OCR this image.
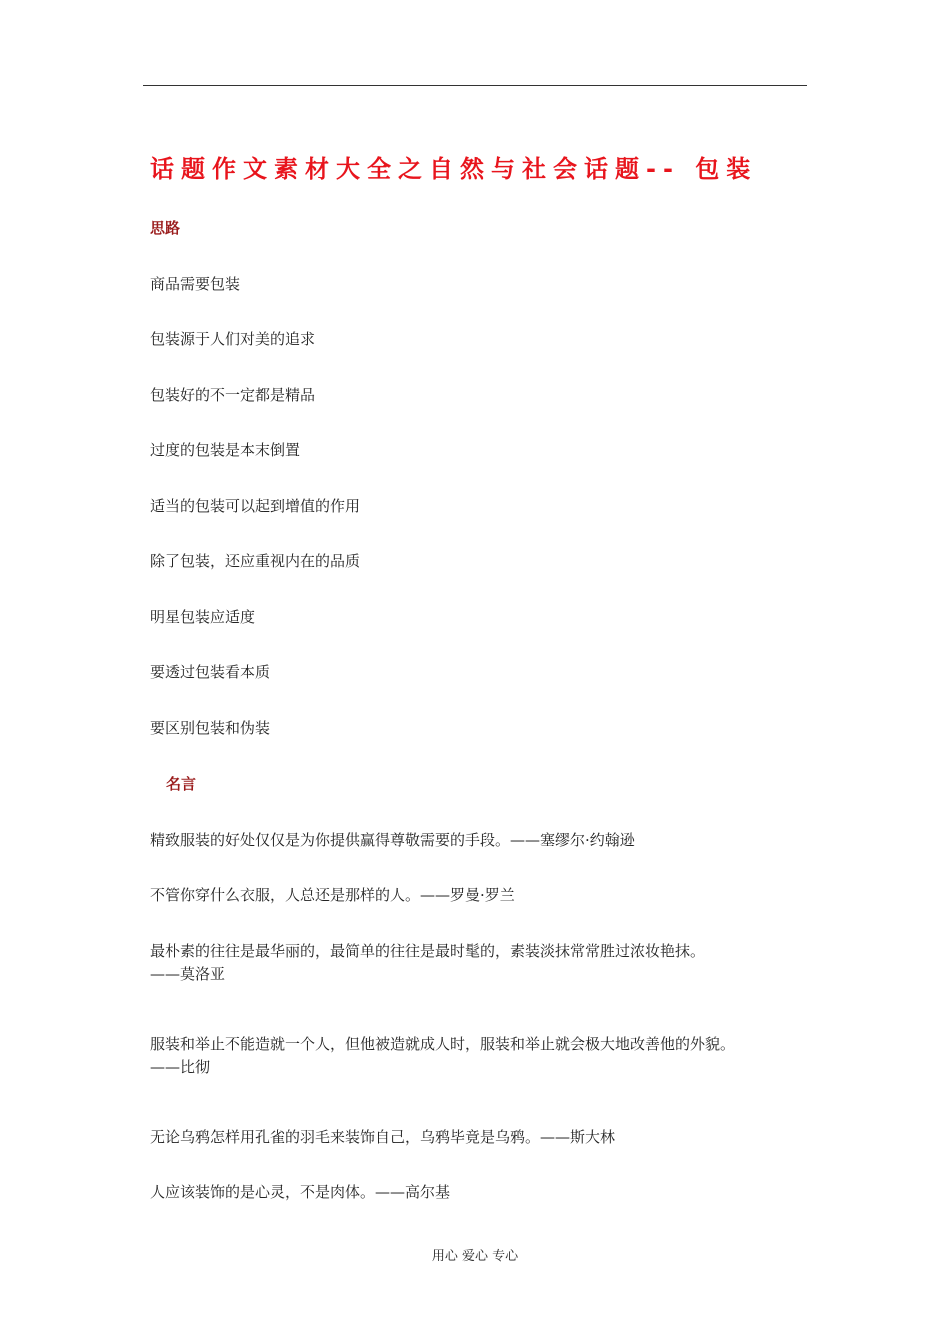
话题作文素材大全之自然与社会话题-- 包装
思路
商品需要包装
包装源于人们对美的追求
包装好的不一定都是精品
过度的包装是本末倒置
适当的包装可以起到增值的作用
除了包装，还应重视内在的品质
明星包装应适度
要透过包装看本质
要区别包装和伪装
名言
精致服装的好处仅仅是为你提供赢得尊敬需要的手段。——塞缪尔·约翰逊
不管你穿什么衣服，人总还是那样的人。——罗曼·罗兰
最朴素的往往是最华丽的，最简单的往往是最时髦的，素装淡抹常常胜过浓妆艳抹。
——莫洛亚
服装和举止不能造就一个人，但他被造就成人时，服装和举止就会极大地改善他的外貌。
——比彻
无论乌鸦怎样用孔雀的羽毛来装饰自己，乌鸦毕竟是乌鸦。——斯大林
人应该装饰的是心灵，不是肉体。——高尔基
用心 爱心 专心
